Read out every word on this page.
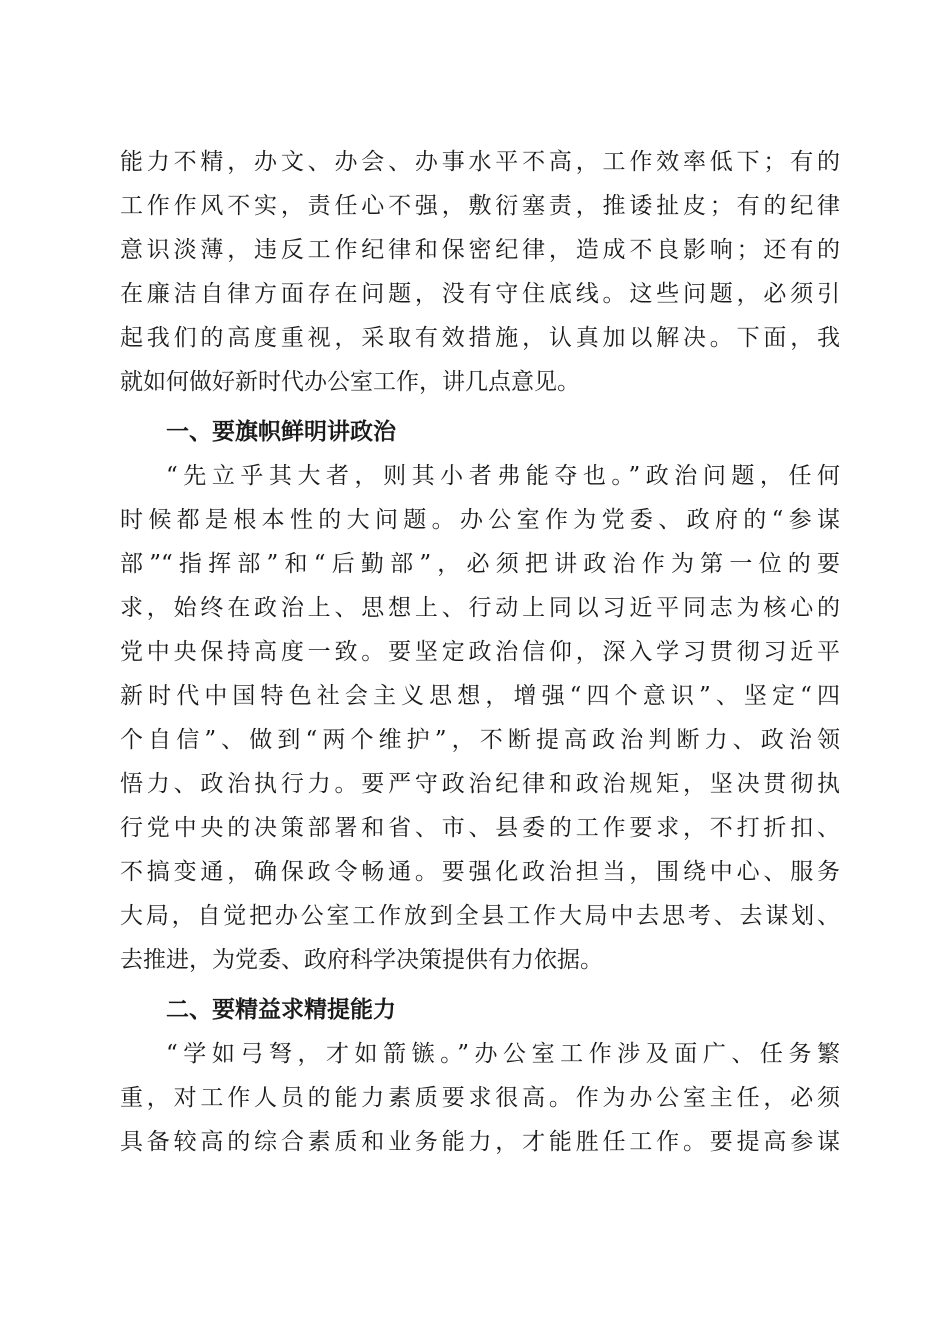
能力不精，办文、办会、办事水平不高，工作效率低下；有的
工作作风不实，责任心不强，敷衍塞责，推诿扯皮；有的纪律
意识淡薄，违反工作纪律和保密纪律，造成不良影响；还有的
在廉洁自律方面存在问题，没有守住底线。这些问题，必须引
起我们的高度重视，采取有效措施，认真加以解决。下面，我
就如何做好新时代办公室工作，讲几点意见。
一、要旗帜鲜明讲政治
“先立乎其大者，则其小者弗能夺也。”政治问题，任何
时候都是根本性的大问题。办公室作为党委、政府的“参谋
部”“指挥部”和“后勤部”，必须把讲政治作为第一位的要
求，始终在政治上、思想上、行动上同以习近平同志为核心的
党中央保持高度一致。要坚定政治信仰，深入学习贯彻习近平
新时代中国特色社会主义思想，增强“四个意识”、坚定“四
个自信”、做到“两个维护”，不断提高政治判断力、政治领
悟力、政治执行力。要严守政治纪律和政治规矩，坚决贯彻执
行党中央的决策部署和省、市、县委的工作要求，不打折扣、
不搞变通，确保政令畅通。要强化政治担当，围绕中心、服务
大局，自觉把办公室工作放到全县工作大局中去思考、去谋划、
去推进，为党委、政府科学决策提供有力依据。
二、要精益求精提能力
“学如弓弩，才如箭镞。”办公室工作涉及面广、任务繁
重，对工作人员的能力素质要求很高。作为办公室主任，必须
具备较高的综合素质和业务能力，才能胜任工作。要提高参谋
